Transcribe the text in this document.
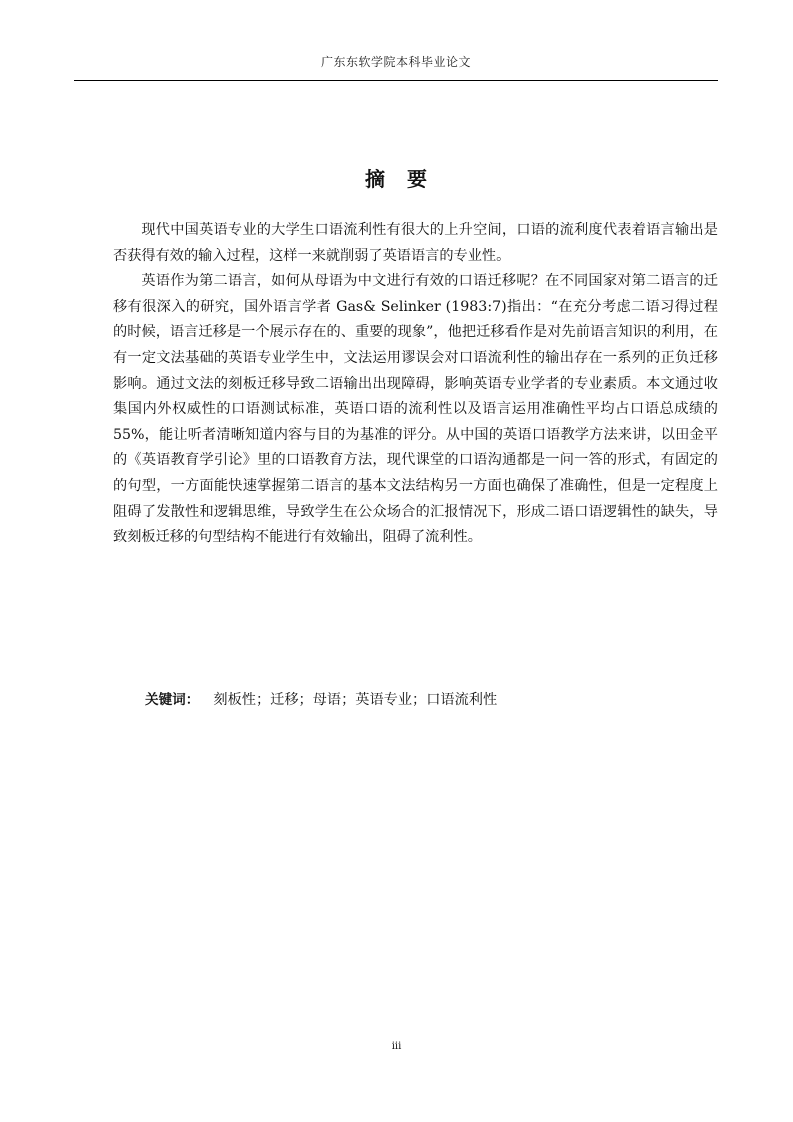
广东东软学院本科毕业论文
摘 要

现代中国英语专业的大学生口语流利性有很大的上升空间，口语的流利度代表着语言输出是否获得有效的输入过程，这样一来就削弱了英语语言的专业性。

英语作为第二语言，如何从母语为中文进行有效的口语迁移呢？在不同国家对第二语言的迁移有很深入的研究，国外语言学者 Gas& Selinker (1983:7)指出：“在充分考虑二语习得过程的时候，语言迁移是一个展示存在的、重要的现象”，他把迁移看作是对先前语言知识的利用，在有一定文法基础的英语专业学生中，文法运用谬误会对口语流利性的输出存在一系列的正负迁移影响。通过文法的刻板迁移导致二语输出出现障碍，影响英语专业学者的专业素质。本文通过收集国内外权威性的口语测试标准，英语口语的流利性以及语言运用准确性平均占口语总成绩的 55%，能让听者清晰知道内容与目的为基准的评分。从中国的英语口语教学方法来讲，以田金平的《英语教育学引论》里的口语教育方法，现代课堂的口语沟通都是一问一答的形式，有固定的的句型，一方面能快速掌握第二语言的基本文法结构另一方面也确保了准确性，但是一定程度上阻碍了发散性和逻辑思维，导致学生在公众场合的汇报情况下，形成二语口语逻辑性的缺失，导致刻板迁移的句型结构不能进行有效输出，阻碍了流利性。

关键词： 刻板性；迁移；母语；英语专业；口语流利性
iii
